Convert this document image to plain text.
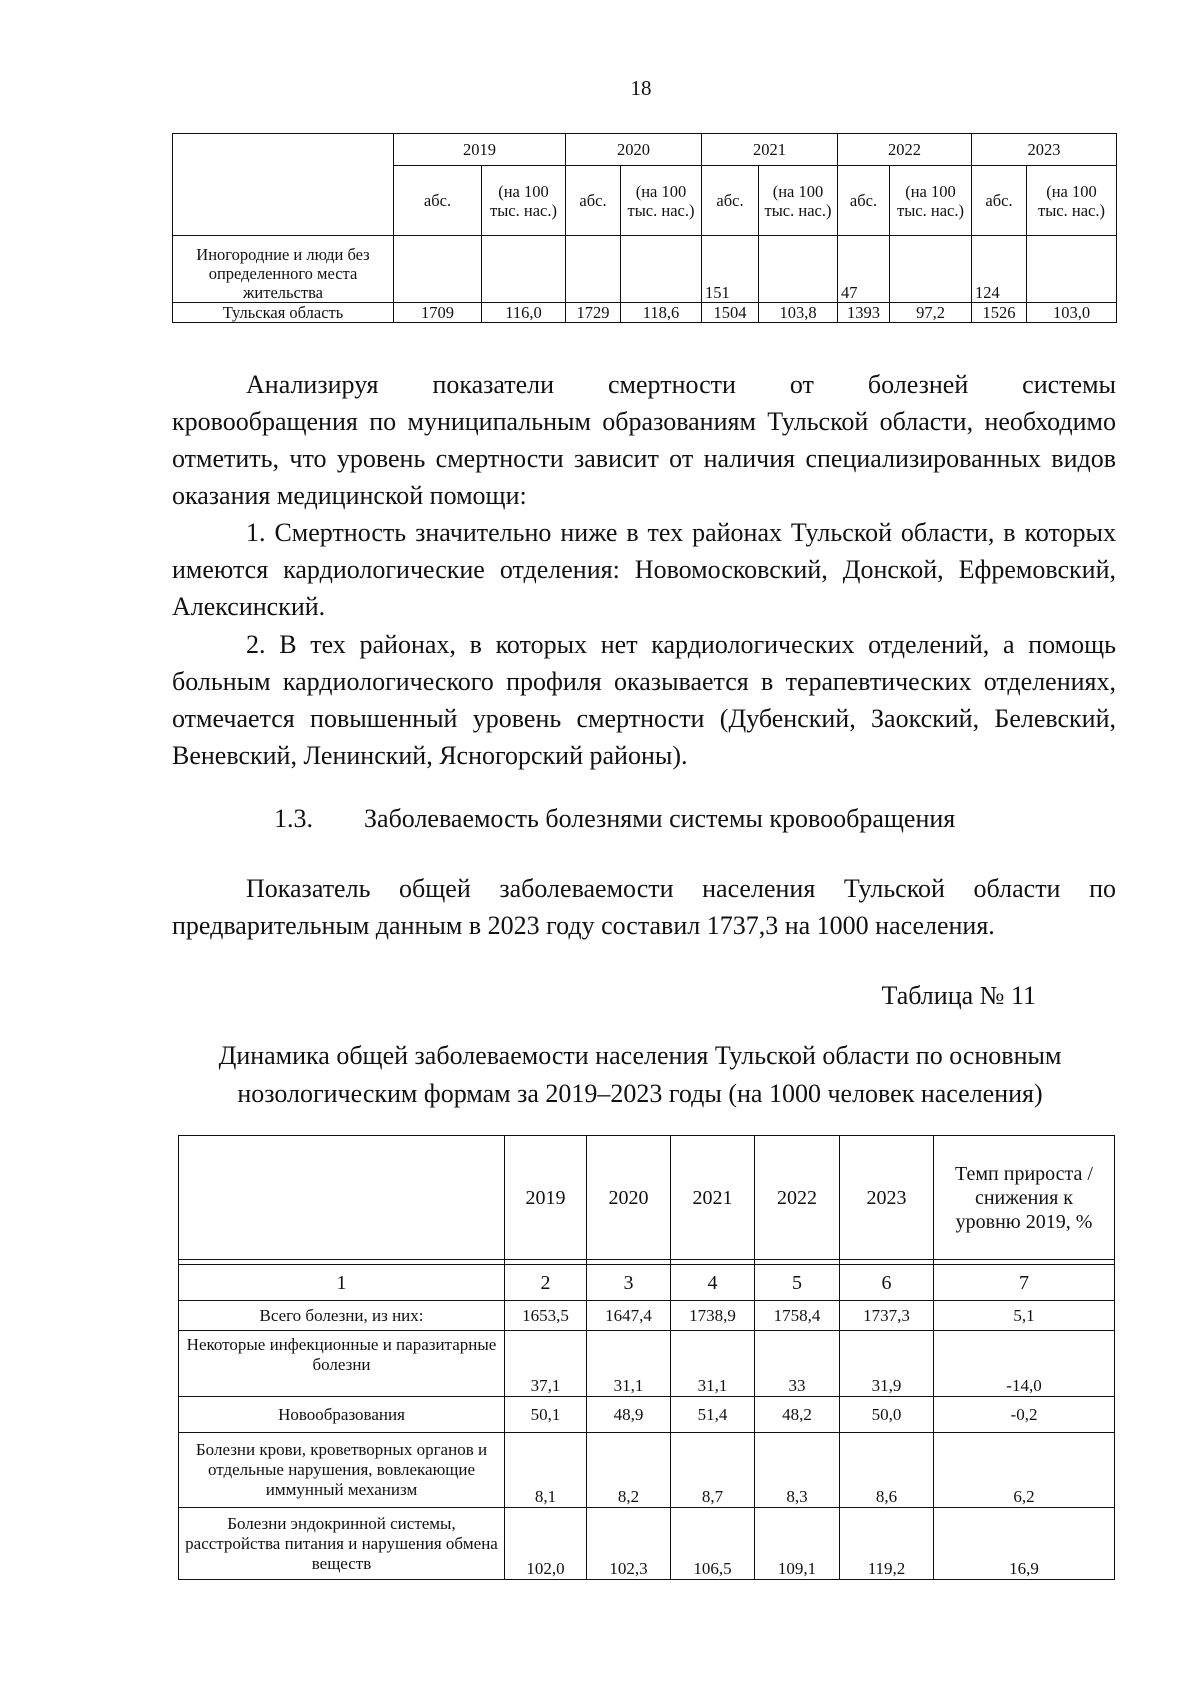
18
	2019		2020		2021		2022		2023	
	абс.	(на 100 тыс. нас.)	абс.	(на 100 тыс. нас.)	абс.	(на 100 тыс. нас.)	абс.	(на 100 тыс. нас.)	абс.	(на 100 тыс. нас.)
Иногородние и люди без определенного места жительства					151		47		124	
Тульская область	1709	116,0	1729	118,6	1504	103,8	1393	97,2	1526	103,0
Анализируя показатели смертности от болезней системы
кровообращения по муниципальным образованиям Тульской области, необходимо отметить, что уровень смертности зависит от наличия специализированных видов оказания медицинской помощи:
1. Смертность значительно ниже в тех районах Тульской области, в которых имеются кардиологические отделения: Новомосковский, Донской, Ефремовский, Алексинский.
2. В тех районах, в которых нет кардиологических отделений, а помощь больным кардиологического профиля оказывается в терапевтических отделениях, отмечается повышенный уровень смертности (Дубенский, Заокский, Белевский, Веневский, Ленинский, Ясногорский районы).
1.3. Заболеваемость болезнями системы кровообращения
Показатель общей заболеваемости населения Тульской области по предварительным данным в 2023 году составил 1737,3 на 1000 населения.
Таблица № 11
Динамика общей заболеваемости населения Тульской области по основным
нозологическим формам за 2019–2023 годы (на 1000 человек населения)
	2019	2020	2021	2022	2023	Темп прироста /снижения к уровню 2019, %

1	2	3	4	5	6	7
Всего болезни, из них:	1653,5	1647,4	1738,9	1758,4	1737,3	5,1
Некоторые инфекционные и паразитарные болезни	37,1	31,1	31,1	33	31,9	-14,0
Новообразования	50,1	48,9	51,4	48,2	50,0	-0,2
Болезни крови, кроветворных органов и отдельные нарушения, вовлекающие иммунный механизм	8,1	8,2	8,7	8,3	8,6	6,2
Болезни эндокринной системы, расстройства питания и нарушения обмена веществ	102,0	102,3	106,5	109,1	119,2	16,9
